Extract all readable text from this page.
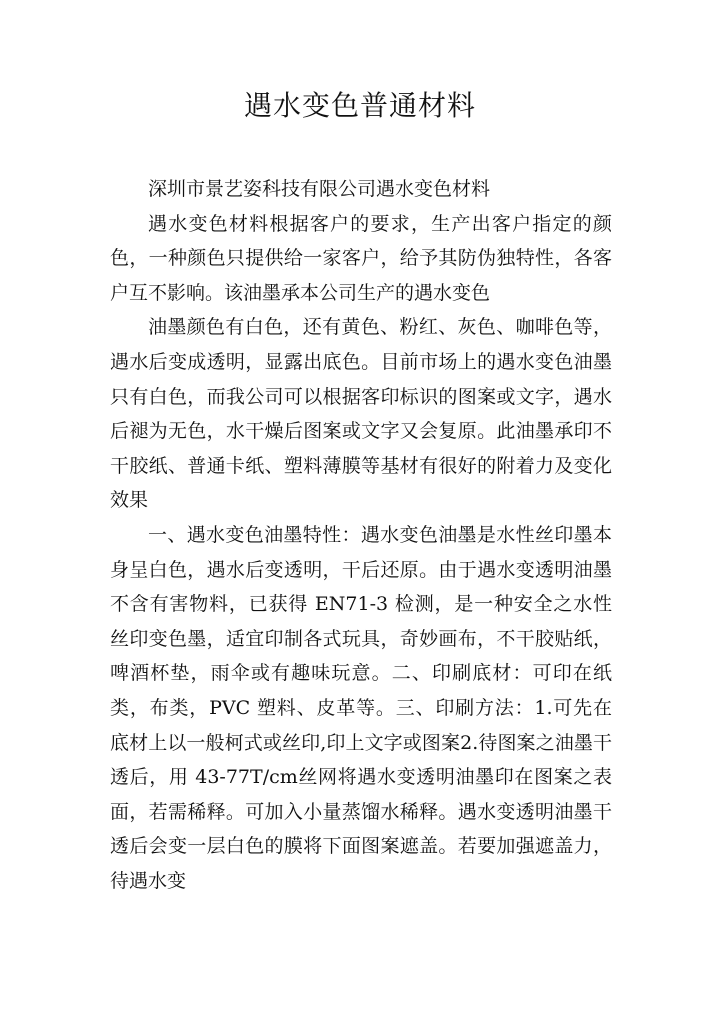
遇水变色普通材料

深圳市景艺姿科技有限公司遇水变色材料

遇水变色材料根据客户的要求，生产出客户指定的颜色，一种颜色只提供给一家客户，给予其防伪独特性，各客户互不影响。该油墨承本公司生产的遇水变色

油墨颜色有白色，还有黄色、粉红、灰色、咖啡色等，遇水后变成透明，显露出底色。目前市场上的遇水变色油墨只有白色，而我公司可以根据客印标识的图案或文字，遇水后褪为无色，水干燥后图案或文字又会复原。此油墨承印不干胶纸、普通卡纸、塑料薄膜等基材有很好的附着力及变化效果

一、遇水变色油墨特性：遇水变色油墨是水性丝印墨本身呈白色，遇水后变透明，干后还原。由于遇水变透明油墨不含有害物料，已获得 EN71-3 检测，是一种安全之水性丝印变色墨，适宜印制各式玩具，奇妙画布，不干胶贴纸，啤酒杯垫，雨伞或有趣味玩意。二、印刷底材：可印在纸类，布类，PVC 塑料、皮革等。三、印刷方法：1.可先在底材上以一般柯式或丝印,印上文字或图案2.待图案之油墨干透后，用 43-77T/cm丝网将遇水变透明油墨印在图案之表面，若需稀释。可加入小量蒸馏水稀释。遇水变透明油墨干透后会变一层白色的膜将下面图案遮盖。若要加强遮盖力，待遇水变
